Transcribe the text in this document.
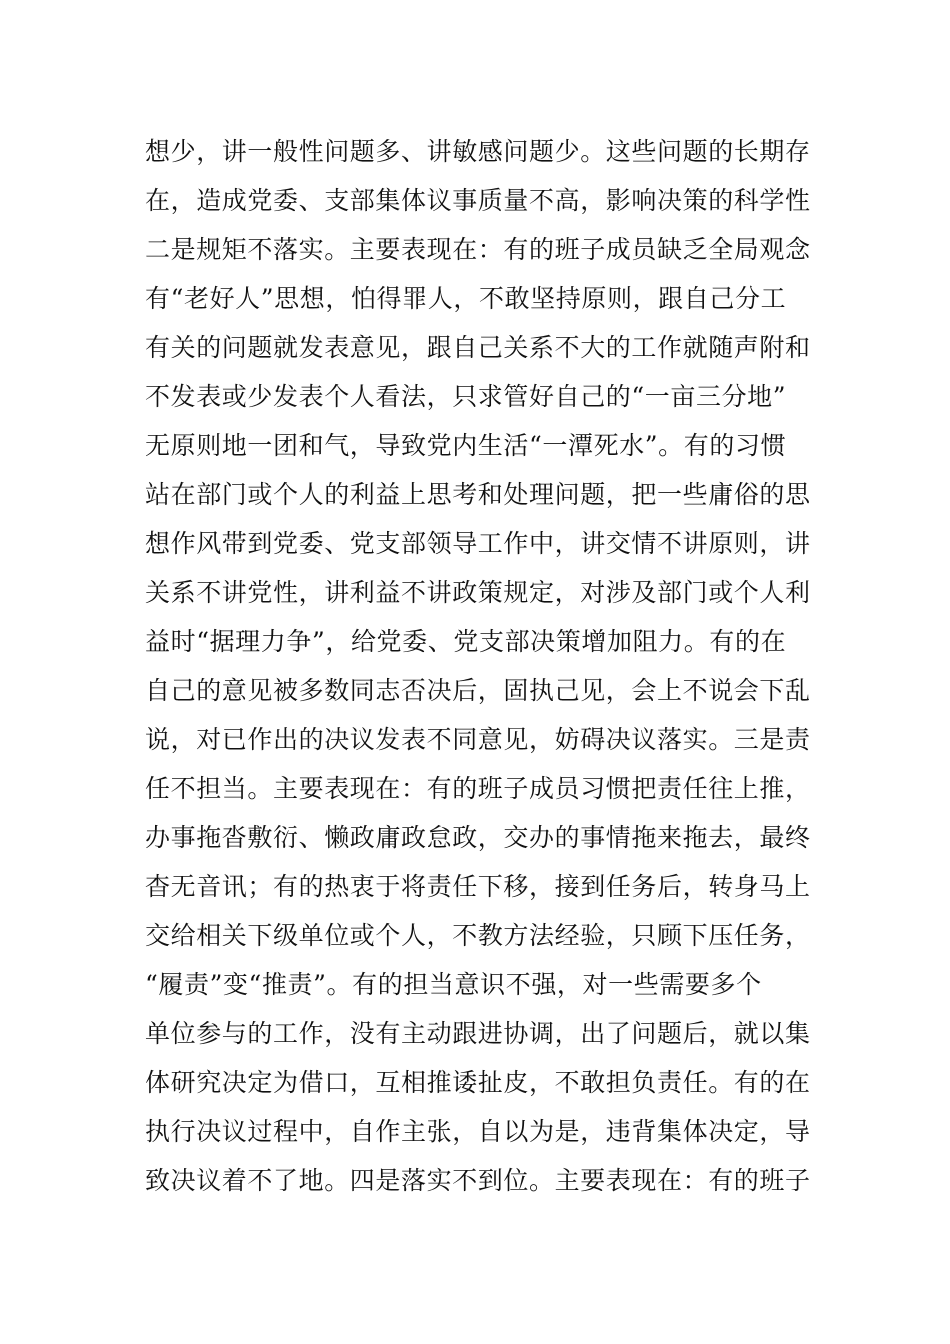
想少，讲一般性问题多、讲敏感问题少。这些问题的长期存
在，造成党委、支部集体议事质量不高，影响决策的科学性
二是规矩不落实。主要表现在：有的班子成员缺乏全局观念
有“老好人”思想，怕得罪人，不敢坚持原则，跟自己分工
有关的问题就发表意见，跟自己关系不大的工作就随声附和
不发表或少发表个人看法，只求管好自己的“一亩三分地”
无原则地一团和气，导致党内生活“一潭死水”。有的习惯
站在部门或个人的利益上思考和处理问题，把一些庸俗的思
想作风带到党委、党支部领导工作中，讲交情不讲原则，讲
关系不讲党性，讲利益不讲政策规定，对涉及部门或个人利
益时“据理力争”，给党委、党支部决策增加阻力。有的在
自己的意见被多数同志否决后，固执己见，会上不说会下乱
说，对已作出的决议发表不同意见，妨碍决议落实。三是责
任不担当。主要表现在：有的班子成员习惯把责任往上推，
办事拖沓敷衍、懒政庸政怠政，交办的事情拖来拖去，最终
杳无音讯；有的热衷于将责任下移，接到任务后，转身马上
交给相关下级单位或个人，不教方法经验，只顾下压任务，
“履责”变“推责”。有的担当意识不强，对一些需要多个
单位参与的工作，没有主动跟进协调，出了问题后，就以集
体研究决定为借口，互相推诿扯皮，不敢担负责任。有的在
执行决议过程中，自作主张，自以为是，违背集体决定，导
致决议着不了地。四是落实不到位。主要表现在：有的班子
